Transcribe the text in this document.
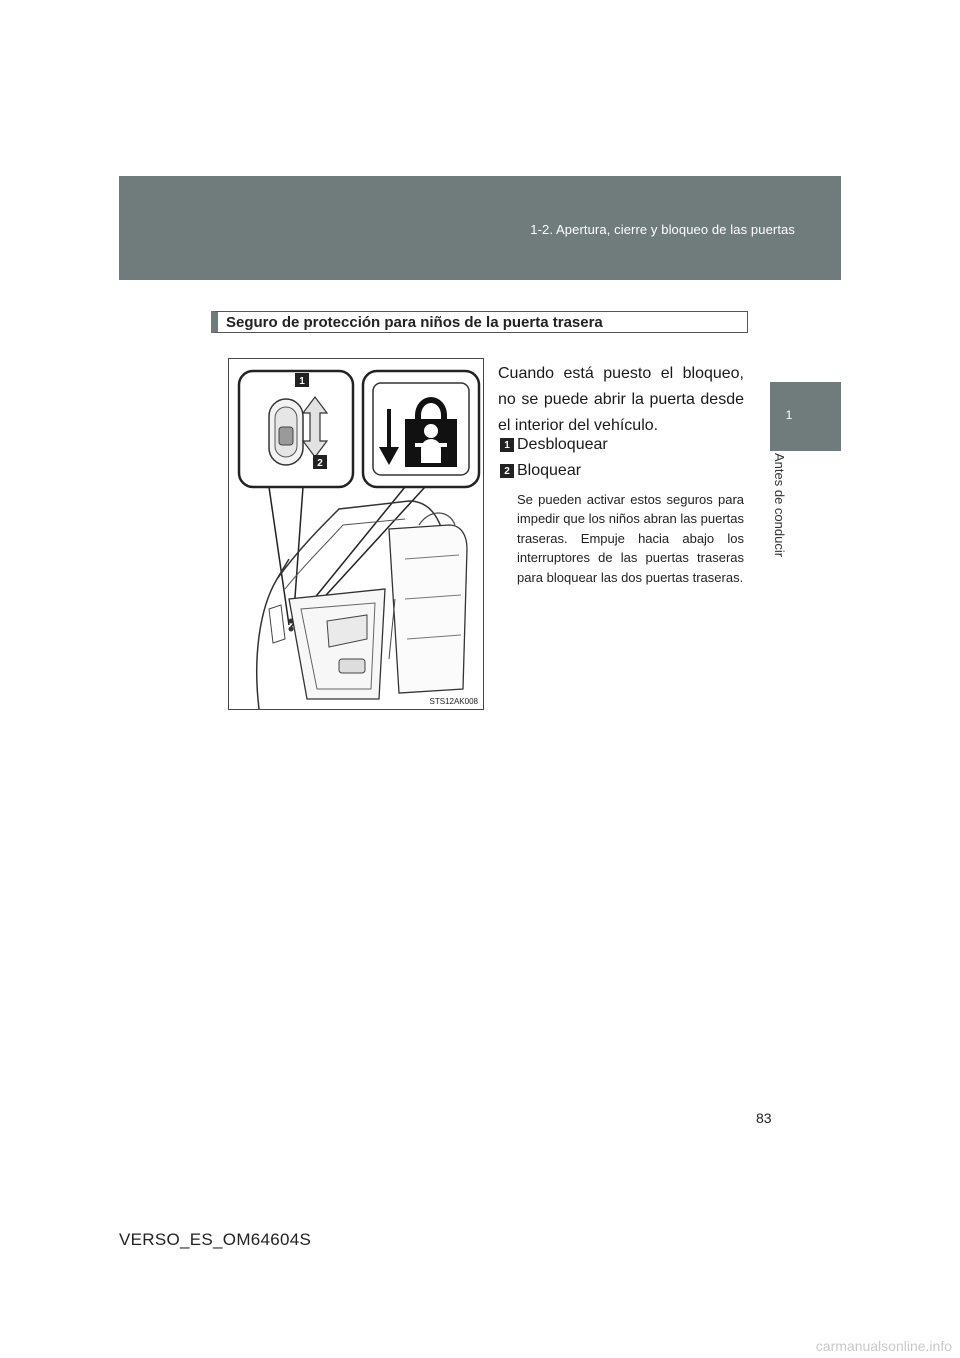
1-2. Apertura, cierre y bloqueo de las puertas
1
Antes de conducir
Seguro de protección para niños de la puerta trasera
1
2
STS12AK008
Cuando está puesto el bloqueo, no se puede abrir la puerta desde el interior del vehículo.
1 Desbloquear
2 Bloquear
Se pueden activar estos seguros para impedir que los niños abran las puertas traseras. Empuje hacia abajo los interruptores de las puertas traseras para bloquear las dos puertas traseras.
83
VERSO_ES_OM64604S
carmanualsonline.info
